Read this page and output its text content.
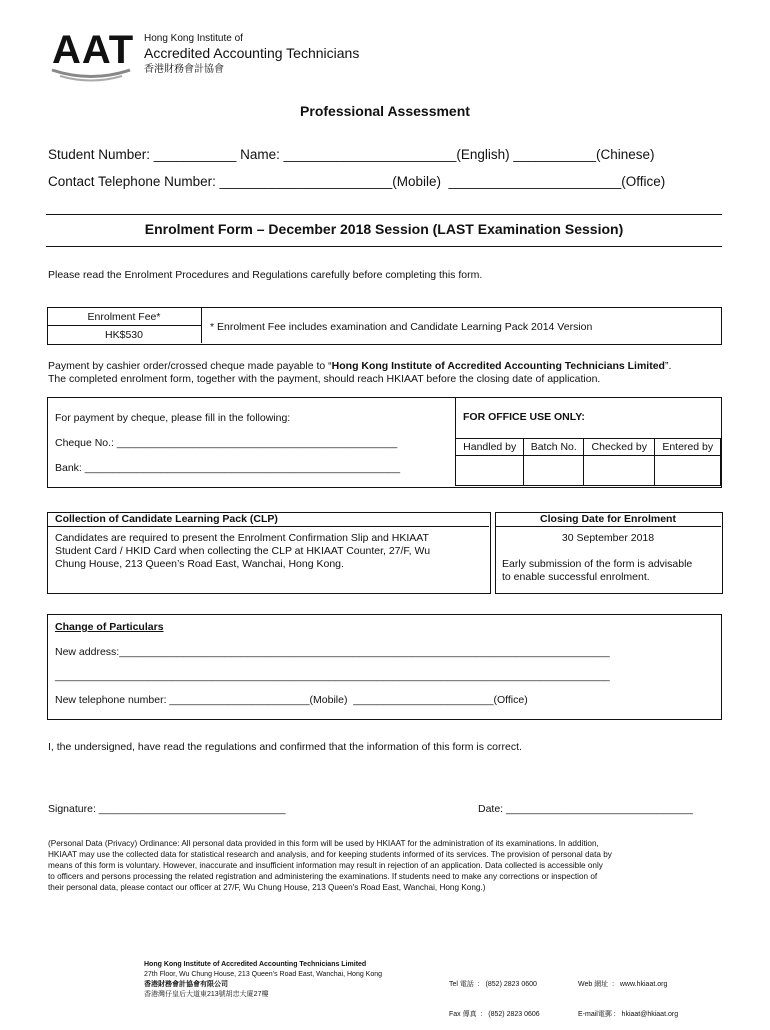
AAT Hong Kong Institute of
Accredited Accounting Technicians
香港財務會計協會
Professional Assessment
Student Number: ___________ Name: _______________________(English) ___________(Chinese)
Contact Telephone Number: _______________________(Mobile)  _______________________(Office)
Enrolment Form – December 2018 Session (LAST Examination Session)
Please read the Enrolment Procedures and Regulations carefully before completing this form.
Enrolment Fee*
HK$530
* Enrolment Fee includes examination and Candidate Learning Pack 2014 Version
Payment by cashier order/crossed cheque made payable to “Hong Kong Institute of Accredited Accounting Technicians Limited”.
The completed enrolment form, together with the payment, should reach HKIAAT before the closing date of application.
For payment by cheque, please fill in the following:
Cheque No.: ________________________________________________
Bank: ______________________________________________________
FOR OFFICE USE ONLY:
Handled by	Batch No.	Checked by	Entered by

Collection of Candidate Learning Pack (CLP)
Candidates are required to present the Enrolment Confirmation Slip and HKIAAT
Student Card / HKID Card when collecting the CLP at HKIAAT Counter, 27/F, Wu
Chung House, 213 Queen’s Road East, Wanchai, Hong Kong.
Closing Date for Enrolment
30 September 2018
Early submission of the form is advisable
to enable successful enrolment.
Change of Particulars
New address:____________________________________________________________________________________
_______________________________________________________________________________________________
New telephone number: ________________________(Mobile)  ________________________(Office)
I, the undersigned, have read the regulations and confirmed that the information of this form is correct.
Signature: ________________________________	Date: ________________________________
(Personal Data (Privacy) Ordinance: All personal data provided in this form will be used by HKIAAT for the administration of its examinations. In addition,
HKIAAT may use the collected data for statistical research and analysis, and for keeping students informed of its services. The provision of personal data by
means of this form is voluntary. However, inaccurate and insufficient information may result in rejection of an application. Data collected is accessible only
to officers and persons processing the related registration and administering the examinations. If students need to make any corrections or inspection of
their personal data, please contact our officer at 27/F, Wu Chung House, 213 Queen's Road East, Wanchai, Hong Kong.)
Hong Kong Institute of Accredited Accounting Technicians Limited
27th Floor, Wu Chung House, 213 Queen’s Road East, Wanchai, Hong Kong
香港財務會計協會有限公司
香港灣仔皇后大道東213號胡忠大廈27樓

Tel 電話  :   (852) 2823 0600

Fax 傳真  :   (852) 2823 0606

Web 網址  :   www.hkiaat.org

E-mail電郵 :   hkiaat@hkiaat.org
